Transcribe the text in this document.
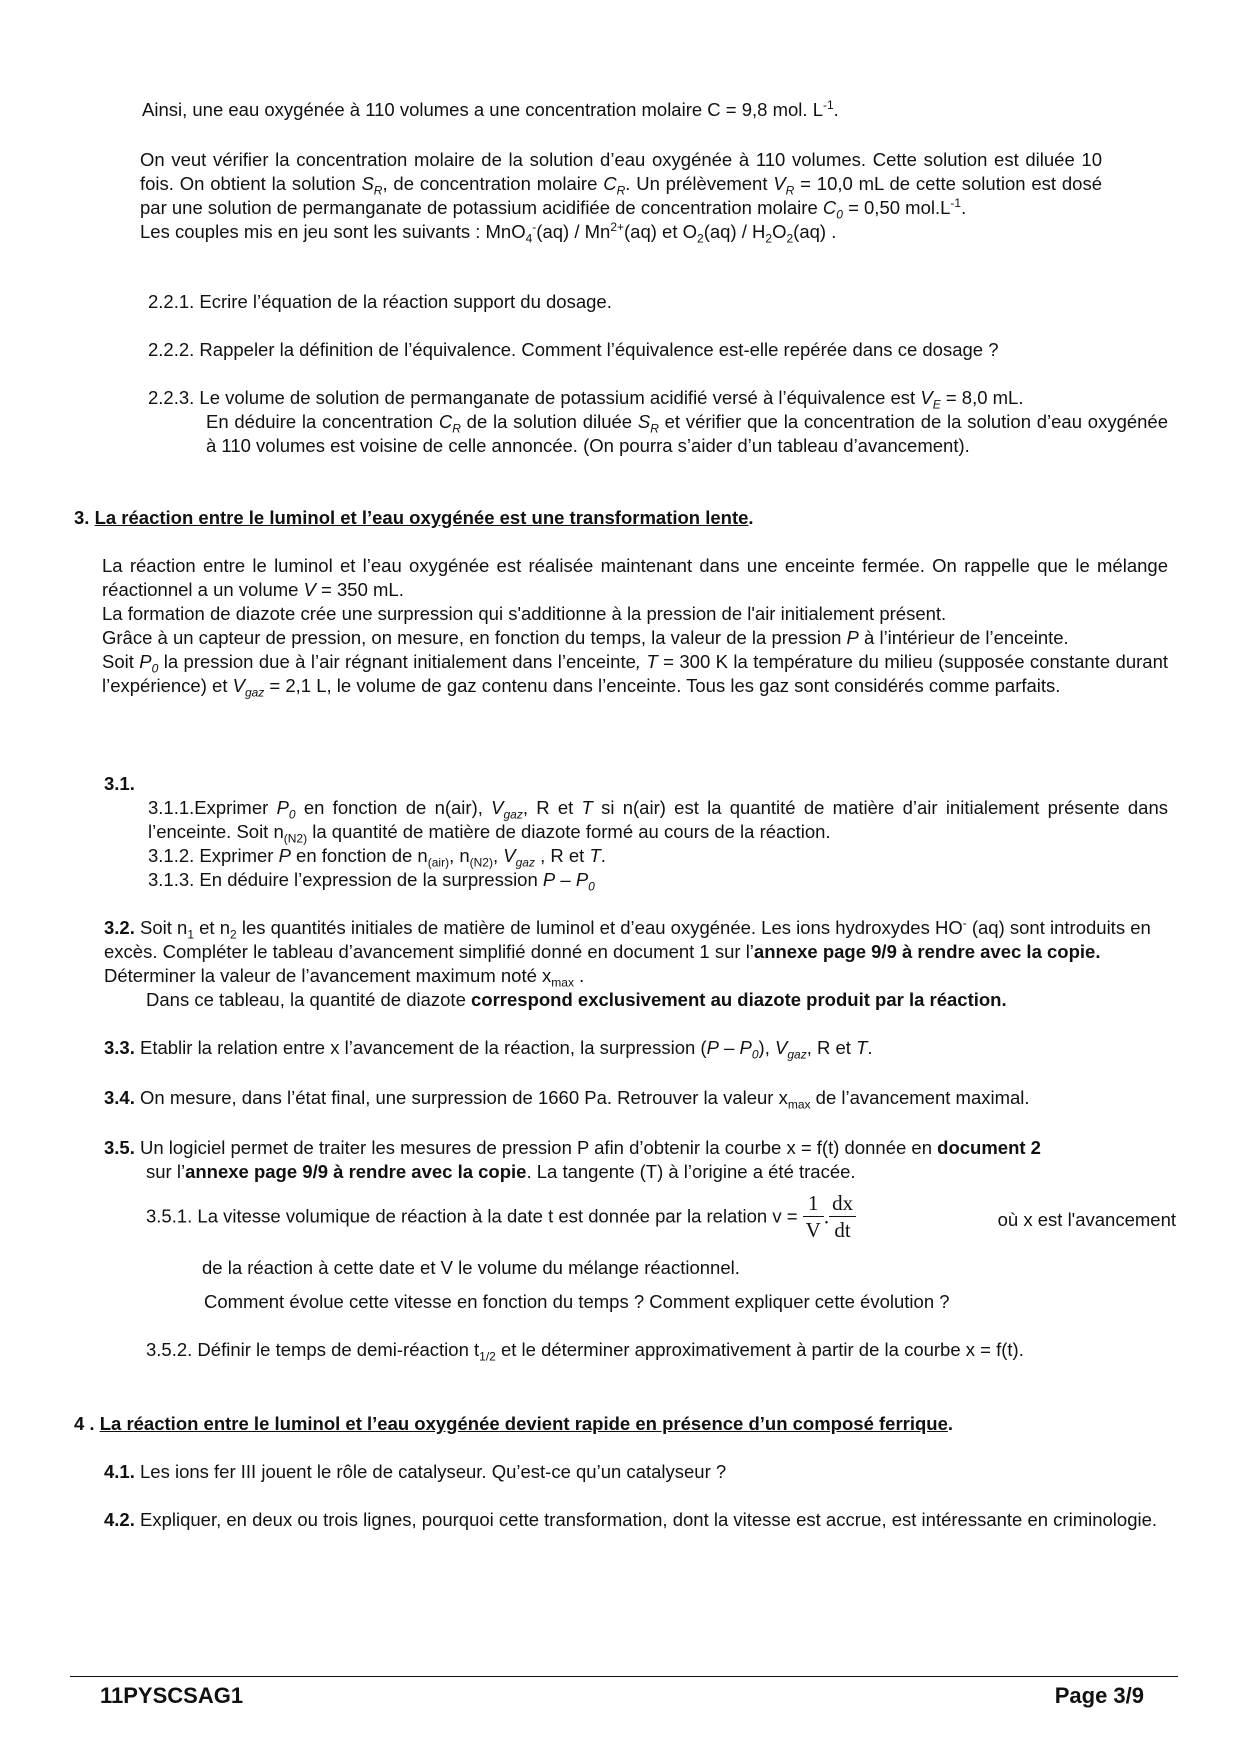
Ainsi, une eau oxygénée à 110 volumes a une concentration molaire C = 9,8 mol. $L^{-1}$.
On veut vérifier la concentration molaire de la solution d’eau oxygénée à 110 volumes. Cette solution est diluée 10 fois. On obtient la solution $S_R$, de concentration molaire $C_R$. Un prélèvement $V_R = 10,0$ mL de cette solution est dosé par une solution de permanganate de potassium acidifiée de concentration molaire $C_0 = 0,50$ $mol.L^{-1}$.
Les couples mis en jeu sont les suivants : $MnO_4^-(aq) / Mn^{2+}(aq)$ et $O_2(aq) / H_2O_2(aq)$ .
2.2.1. Ecrire l’équation de la réaction support du dosage.
2.2.2. Rappeler la définition de l’équivalence. Comment l’équivalence est-elle repérée dans ce dosage ?
2.2.3. Le volume de solution de permanganate de potassium acidifié versé à l’équivalence est $V_E = 8,0$ mL.
En déduire la concentration $C_R$ de la solution diluée $S_R$ et vérifier que la concentration de la solution d’eau oxygénée à 110 volumes est voisine de celle annoncée. (On pourra s’aider d’un tableau d’avancement).
3. La réaction entre le luminol et l’eau oxygénée est une transformation lente.
La réaction entre le luminol et l’eau oxygénée est réalisée maintenant dans une enceinte fermée. On rappelle que le mélange réactionnel a un volume V = 350 mL.
La formation de diazote crée une surpression qui s'additionne à la pression de l'air initialement présent.
Grâce à un capteur de pression, on mesure, en fonction du temps, la valeur de la pression P à l’intérieur de l’enceinte.
Soit $P_0$ la pression due à l’air régnant initialement dans l’enceinte, T = 300 K la température du milieu (supposée constante durant l’expérience) et $V_{gaz} = 2,1$ L, le volume de gaz contenu dans l’enceinte. Tous les gaz sont considérés comme parfaits.
3.1.
3.1.1.Exprimer $P_0$ en fonction de n(air), $V_{gaz}$, R et T si n(air) est la quantité de matière d’air initialement présente dans l’enceinte. Soit $n_{(N2)}$ la quantité de matière de diazote formé au cours de la réaction.
3.1.2. Exprimer P en fonction de $n_{(air)}$, $n_{(N2)}$, $V_{gaz}$ , R et T.
3.1.3. En déduire l’expression de la surpression P – $P_0$
3.2. Soit $n_1$ et $n_2$ les quantités initiales de matière de luminol et d’eau oxygénée. Les ions hydroxydes HO- (aq) sont introduits en excès. Compléter le tableau d’avancement simplifié donné en document 1 sur l’annexe page 9/9 à rendre avec la copie. Déterminer la valeur de l’avancement maximum noté $x_{max}$ .
Dans ce tableau, la quantité de diazote correspond exclusivement au diazote produit par la réaction.
3.3. Etablir la relation entre x l’avancement de la réaction, la surpression $(P - P_0)$, $V_{gaz}$, R et T.
3.4. On mesure, dans l’état final, une surpression de 1660 Pa. Retrouver la valeur $x_{max}$ de l’avancement maximal.
3.5. Un logiciel permet de traiter les mesures de pression P afin d’obtenir la courbe x = f(t) donnée en document 2
sur l’annexe page 9/9 à rendre avec la copie. La tangente (T) à l’origine a été tracée.
3.5.1. La vitesse volumique de réaction à la date t est donnée par la relation $v = \frac{1}{V}$ . $\frac{dx}{dt}$	où x est l'avancement
de la réaction à cette date et V le volume du mélange réactionnel.
Comment évolue cette vitesse en fonction du temps ? Comment expliquer cette évolution ?
3.5.2. Définir le temps de demi-réaction $t_{1/2}$ et le déterminer approximativement à partir de la courbe x = f(t).
4 . La réaction entre le luminol et l’eau oxygénée devient rapide en présence d’un composé ferrique.
4.1. Les ions fer III jouent le rôle de catalyseur. Qu’est-ce qu’un catalyseur ?
4.2. Expliquer, en deux ou trois lignes, pourquoi cette transformation, dont la vitesse est accrue, est intéressante en criminologie.
11PYSCSAG1	Page 3/9
